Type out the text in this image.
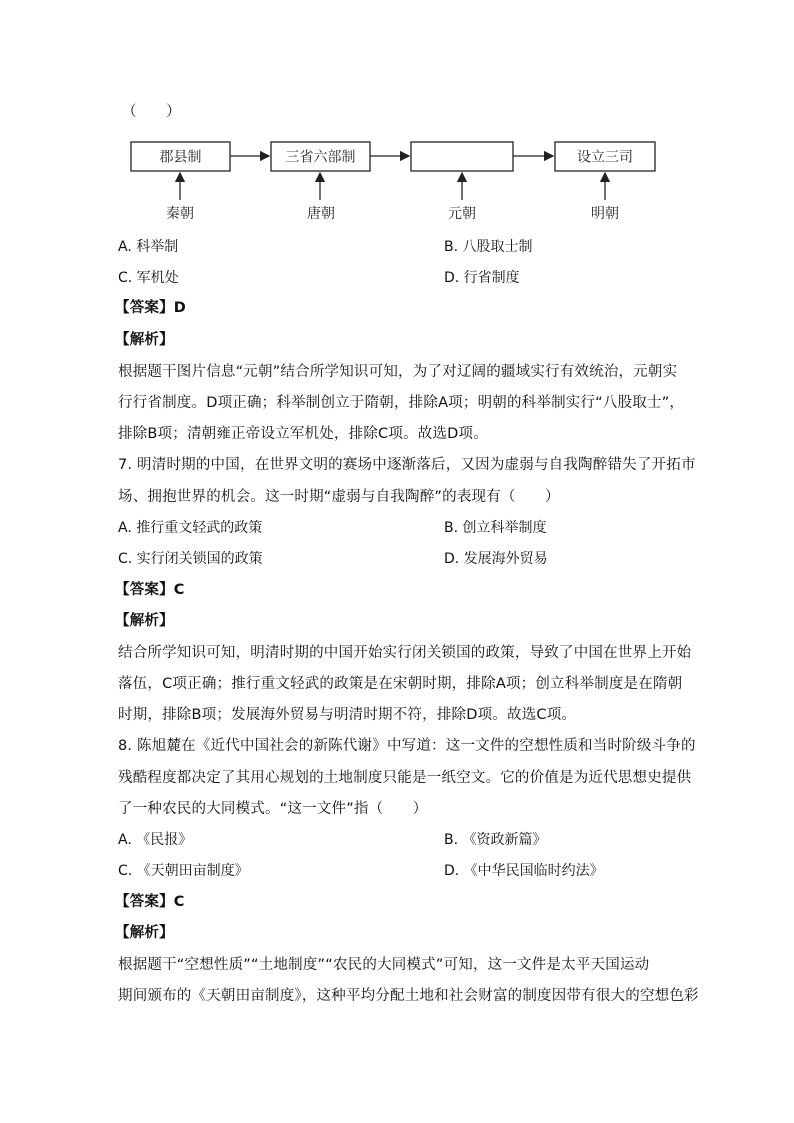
（　　）
郡县制	三省六部制	设立三司
秦朝	唐朝	元朝	明朝
A. 科举制	B. 八股取士制
C. 军机处	D. 行省制度
【答案】D
【解析】
根据题干图片信息“元朝”结合所学知识可知，为了对辽阔的疆域实行有效统治，元朝实
行行省制度。D项正确；科举制创立于隋朝，排除A项；明朝的科举制实行“八股取士”，
排除B项；清朝雍正帝设立军机处，排除C项。故选D项。
7. 明清时期的中国，在世界文明的赛场中逐渐落后，又因为虚弱与自我陶醉错失了开拓市
场、拥抱世界的机会。这一时期“虚弱与自我陶醉”的表现有（　　）
A. 推行重文轻武的政策	B. 创立科举制度
C. 实行闭关锁国的政策	D. 发展海外贸易
【答案】C
【解析】
结合所学知识可知，明清时期的中国开始实行闭关锁国的政策，导致了中国在世界上开始
落伍，C项正确；推行重文轻武的政策是在宋朝时期，排除A项；创立科举制度是在隋朝
时期，排除B项；发展海外贸易与明清时期不符，排除D项。故选C项。
8. 陈旭麓在《近代中国社会的新陈代谢》中写道：这一文件的空想性质和当时阶级斗争的
残酷程度都决定了其用心规划的土地制度只能是一纸空文。它的价值是为近代思想史提供
了一种农民的大同模式。“这一文件”指（　　）
A. 《民报》	B. 《资政新篇》
C. 《天朝田亩制度》	D. 《中华民国临时约法》
【答案】C
【解析】
根据题干“空想性质”“土地制度”“农民的大同模式”可知，这一文件是太平天国运动
期间颁布的《天朝田亩制度》，这种平均分配土地和社会财富的制度因带有很大的空想色彩
